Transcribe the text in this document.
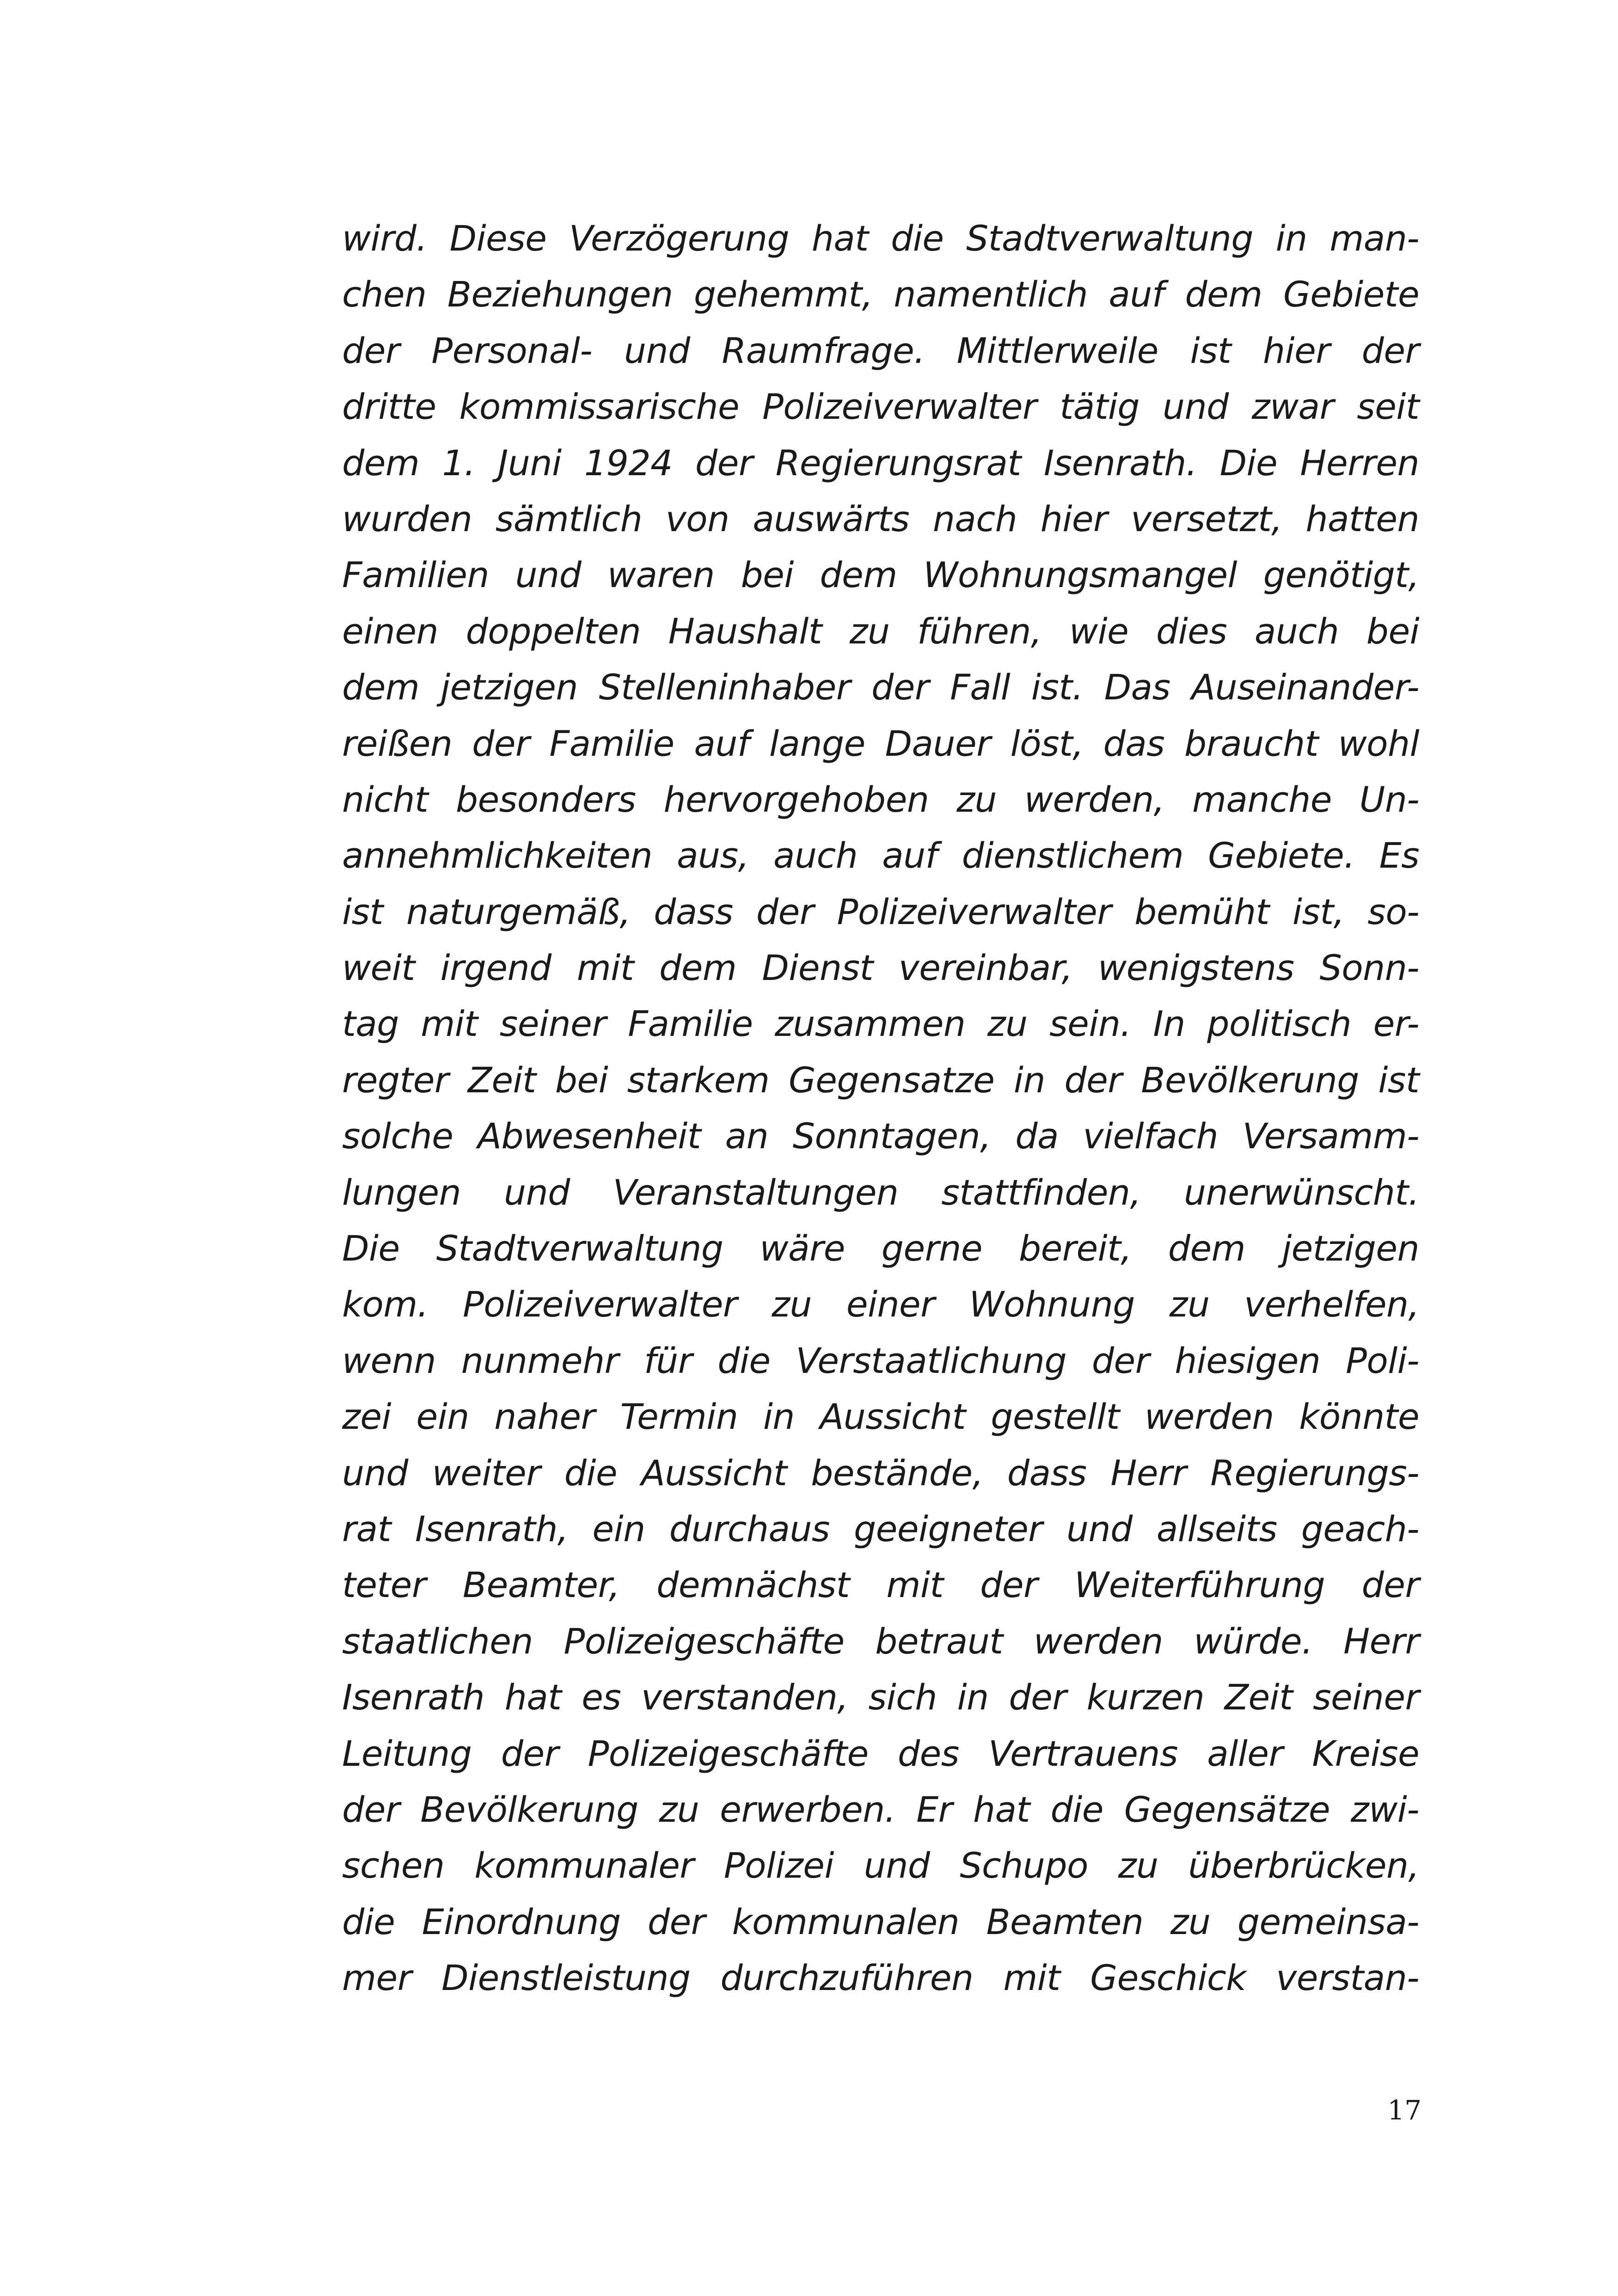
wird. Diese Verzögerung hat die Stadtverwaltung in man-
chen Beziehungen gehemmt, namentlich auf dem Gebiete
der Personal- und Raumfrage. Mittlerweile ist hier der
dritte kommissarische Polizeiverwalter tätig und zwar seit
dem 1. Juni 1924 der Regierungsrat Isenrath. Die Herren
wurden sämtlich von auswärts nach hier versetzt, hatten
Familien und waren bei dem Wohnungsmangel genötigt,
einen doppelten Haushalt zu führen, wie dies auch bei
dem jetzigen Stelleninhaber der Fall ist. Das Auseinander-
reißen der Familie auf lange Dauer löst, das braucht wohl
nicht besonders hervorgehoben zu werden, manche Un-
annehmlichkeiten aus, auch auf dienstlichem Gebiete. Es
ist naturgemäß, dass der Polizeiverwalter bemüht ist, so-
weit irgend mit dem Dienst vereinbar, wenigstens Sonn-
tag mit seiner Familie zusammen zu sein. In politisch er-
regter Zeit bei starkem Gegensatze in der Bevölkerung ist
solche Abwesenheit an Sonntagen, da vielfach Versamm-
lungen und Veranstaltungen stattfinden, unerwünscht.
Die Stadtverwaltung wäre gerne bereit, dem jetzigen
kom. Polizeiverwalter zu einer Wohnung zu verhelfen,
wenn nunmehr für die Verstaatlichung der hiesigen Poli-
zei ein naher Termin in Aussicht gestellt werden könnte
und weiter die Aussicht bestände, dass Herr Regierungs-
rat Isenrath, ein durchaus geeigneter und allseits geach-
teter Beamter, demnächst mit der Weiterführung der
staatlichen Polizeigeschäfte betraut werden würde. Herr
Isenrath hat es verstanden, sich in der kurzen Zeit seiner
Leitung der Polizeigeschäfte des Vertrauens aller Kreise
der Bevölkerung zu erwerben. Er hat die Gegensätze zwi-
schen kommunaler Polizei und Schupo zu überbrücken,
die Einordnung der kommunalen Beamten zu gemeinsa-
mer Dienstleistung durchzuführen mit Geschick verstan-
17
